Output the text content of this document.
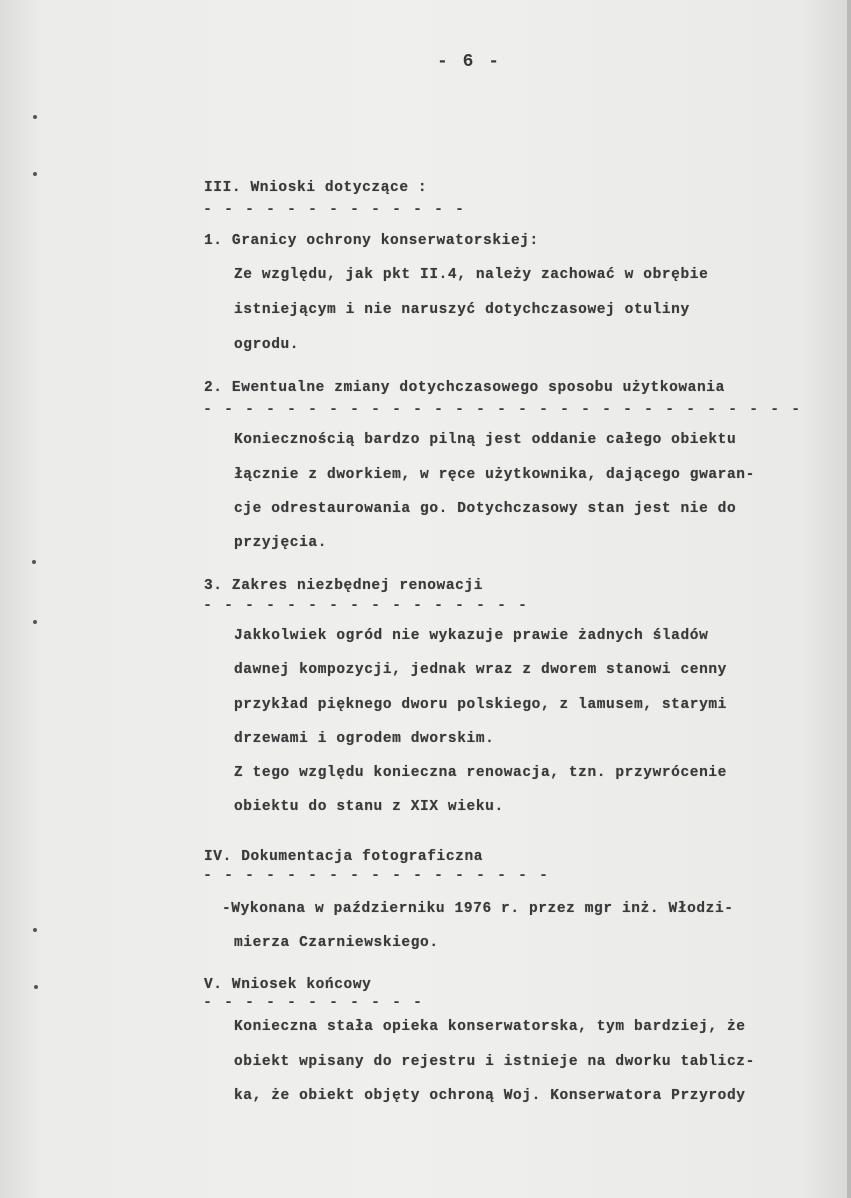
- 6 -
III. Wnioski dotyczące :
- - - - - - - - - - - - -
1. Granicy ochrony konserwatorskiej:
Ze względu, jak pkt II.4, należy zachować w obrębie
istniejącym i nie naruszyć dotychczasowej otuliny
ogrodu.
2. Ewentualne zmiany dotychczasowego sposobu użytkowania
- - - - - - - - - - - - - - - - - - - - - - - - - - - - -
Koniecznością bardzo pilną jest oddanie całego obiektu
łącznie z dworkiem, w ręce użytkownika, dającego gwaran-
cje odrestaurowania go. Dotychczasowy stan jest nie do
przyjęcia.
3. Zakres niezbędnej renowacji
- - - - - - - - - - - - - - - -
Jakkolwiek ogród nie wykazuje prawie żadnych śladów
dawnej kompozycji, jednak wraz z dworem stanowi cenny
przykład pięknego dworu polskiego, z lamusem, starymi
drzewami i ogrodem dworskim.
Z tego względu konieczna renowacja, tzn. przywrócenie
obiektu do stanu z XIX wieku.
IV. Dokumentacja fotograficzna
- - - - - - - - - - - - - - - - -
-Wykonana w październiku 1976 r. przez mgr inż. Włodzi-
mierza Czarniewskiego.
V. Wniosek końcowy
- - - - - - - - - - -
Konieczna stała opieka konserwatorska, tym bardziej, że
obiekt wpisany do rejestru i istnieje na dworku tablicz-
ka, że obiekt objęty ochroną Woj. Konserwatora Przyrody
